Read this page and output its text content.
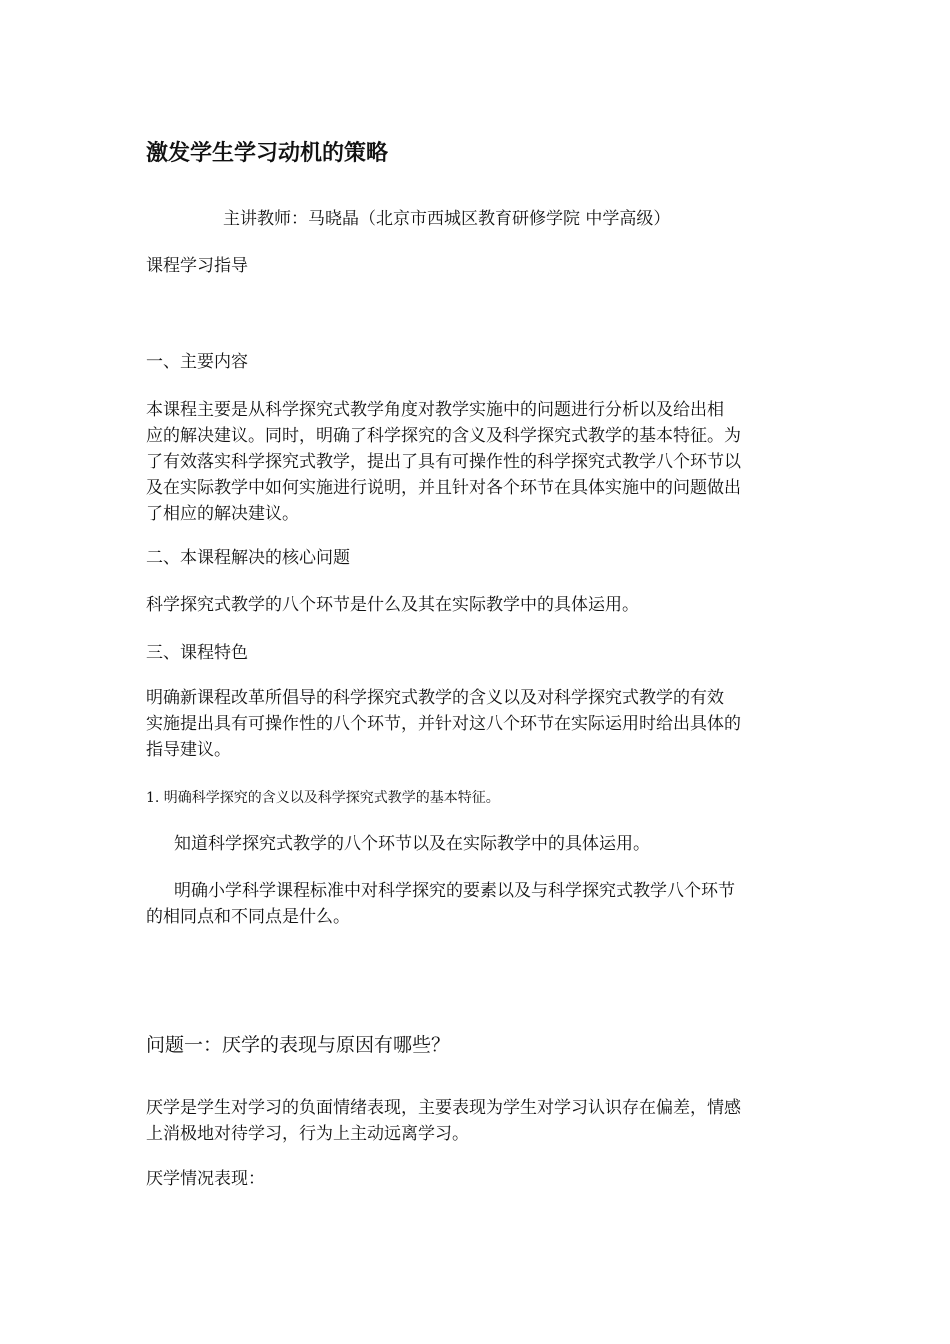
激发学生学习动机的策略

主讲教师：马晓晶（北京市西城区教育研修学院 中学高级）

课程学习指导

一、主要内容

本课程主要是从科学探究式教学角度对教学实施中的问题进行分析以及给出相
应的解决建议。同时，明确了科学探究的含义及科学探究式教学的基本特征。为
了有效落实科学探究式教学，提出了具有可操作性的科学探究式教学八个环节以
及在实际教学中如何实施进行说明，并且针对各个环节在具体实施中的问题做出
了相应的解决建议。

二、本课程解决的核心问题

科学探究式教学的八个环节是什么及其在实际教学中的具体运用。

三、课程特色

明确新课程改革所倡导的科学探究式教学的含义以及对科学探究式教学的有效
实施提出具有可操作性的八个环节，并针对这八个环节在实际运用时给出具体的
指导建议。

1. 明确科学探究的含义以及科学探究式教学的基本特征。

知道科学探究式教学的八个环节以及在实际教学中的具体运用。

明确小学科学课程标准中对科学探究的要素以及与科学探究式教学八个环节
的相同点和不同点是什么。
问题一：厌学的表现与原因有哪些？
厌学是学生对学习的负面情绪表现，主要表现为学生对学习认识存在偏差，情感
上消极地对待学习，行为上主动远离学习。

厌学情况表现：
